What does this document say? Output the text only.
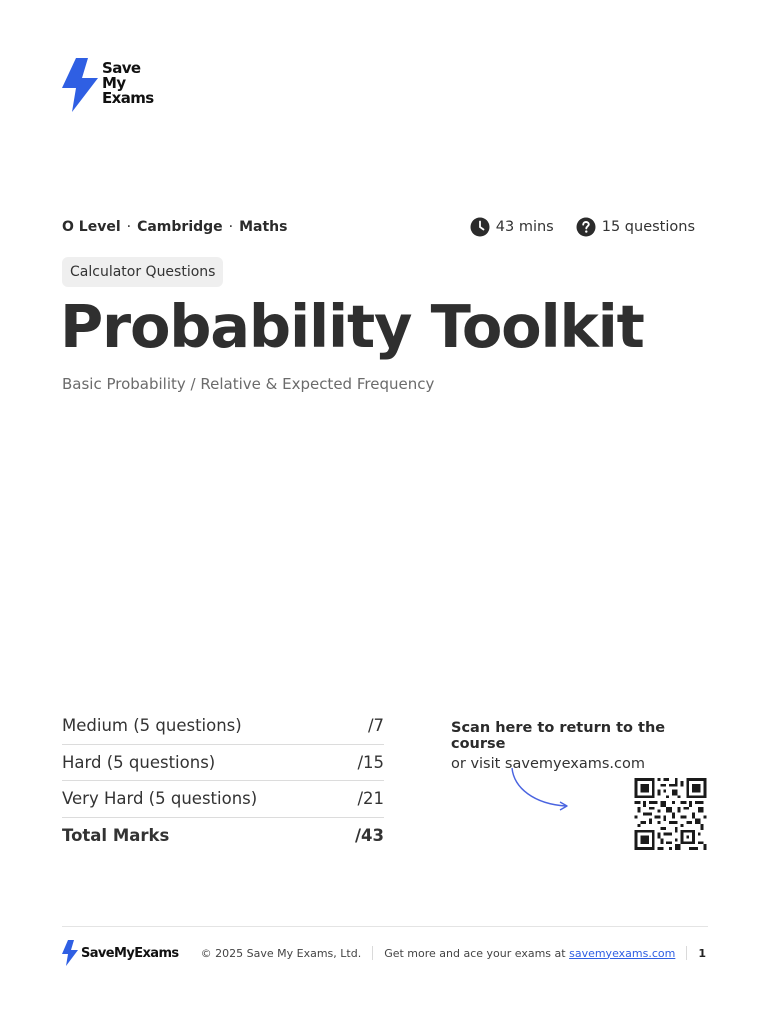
Save
My
Exams
O Level · Cambridge · Maths	43 mins	15 questions
Calculator Questions
Probability Toolkit
Basic Probability / Relative & Expected Frequency
Medium (5 questions)	/7
Hard (5 questions)	/15
Very Hard (5 questions)	/21
Total Marks	/43
Scan here to return to the course
or visit savemyexams.com
SaveMyExams © 2025 Save My Exams, Ltd. Get more and ace your exams at savemyexams.com 1
